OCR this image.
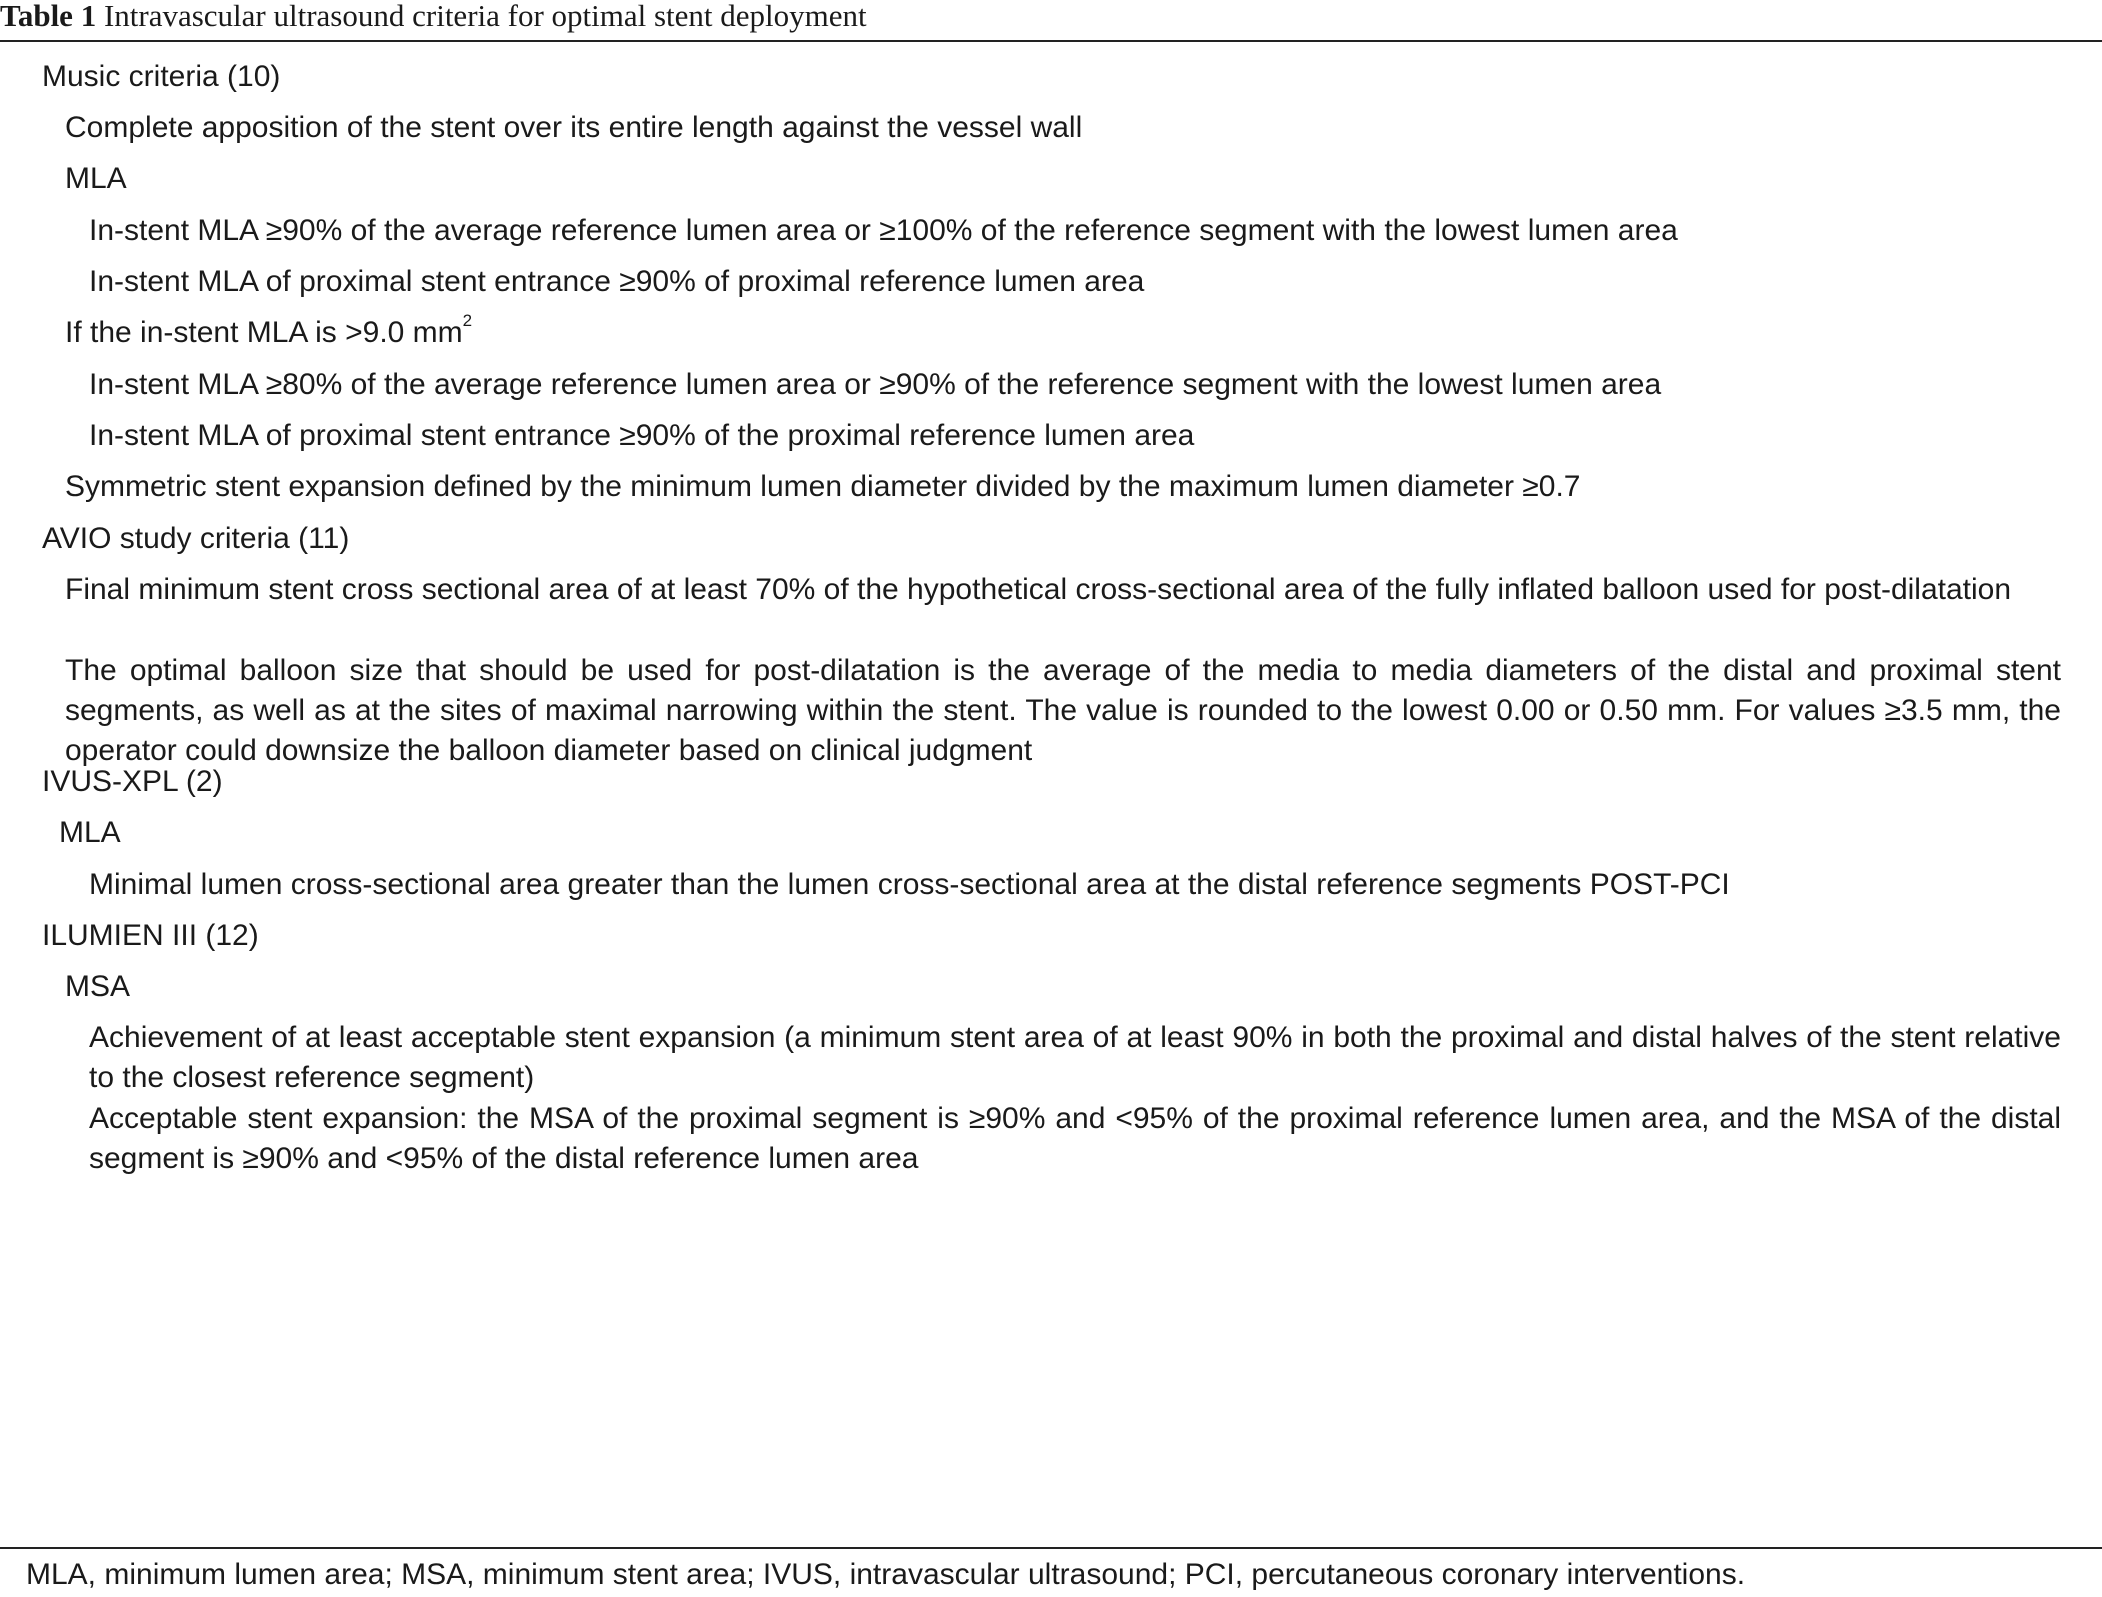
Table 1 Intravascular ultrasound criteria for optimal stent deployment
Music criteria (10)
Complete apposition of the stent over its entire length against the vessel wall
MLA
In-stent MLA ≥90% of the average reference lumen area or ≥100% of the reference segment with the lowest lumen area
In-stent MLA of proximal stent entrance ≥90% of proximal reference lumen area
If the in-stent MLA is >9.0 $mm^2$
In-stent MLA ≥80% of the average reference lumen area or ≥90% of the reference segment with the lowest lumen area
In-stent MLA of proximal stent entrance ≥90% of the proximal reference lumen area
Symmetric stent expansion defined by the minimum lumen diameter divided by the maximum lumen diameter ≥0.7
AVIO study criteria (11)
Final minimum stent cross sectional area of at least 70% of the hypothetical cross-sectional area of the fully inflated balloon used for post-dilatation
The optimal balloon size that should be used for post-dilatation is the average of the media to media diameters of the distal and proximal stent segments, as well as at the sites of maximal narrowing within the stent. The value is rounded to the lowest 0.00 or 0.50 mm. For values ≥3.5 mm, the operator could downsize the balloon diameter based on clinical judgment
IVUS-XPL (2)
MLA
Minimal lumen cross-sectional area greater than the lumen cross-sectional area at the distal reference segments POST-PCI
ILUMIEN III (12)
MSA
Achievement of at least acceptable stent expansion (a minimum stent area of at least 90% in both the proximal and distal halves of the stent relative to the closest reference segment)
Acceptable stent expansion: the MSA of the proximal segment is ≥90% and <95% of the proximal reference lumen area, and the MSA of the distal segment is ≥90% and <95% of the distal reference lumen area
MLA, minimum lumen area; MSA, minimum stent area; IVUS, intravascular ultrasound; PCI, percutaneous coronary interventions.
